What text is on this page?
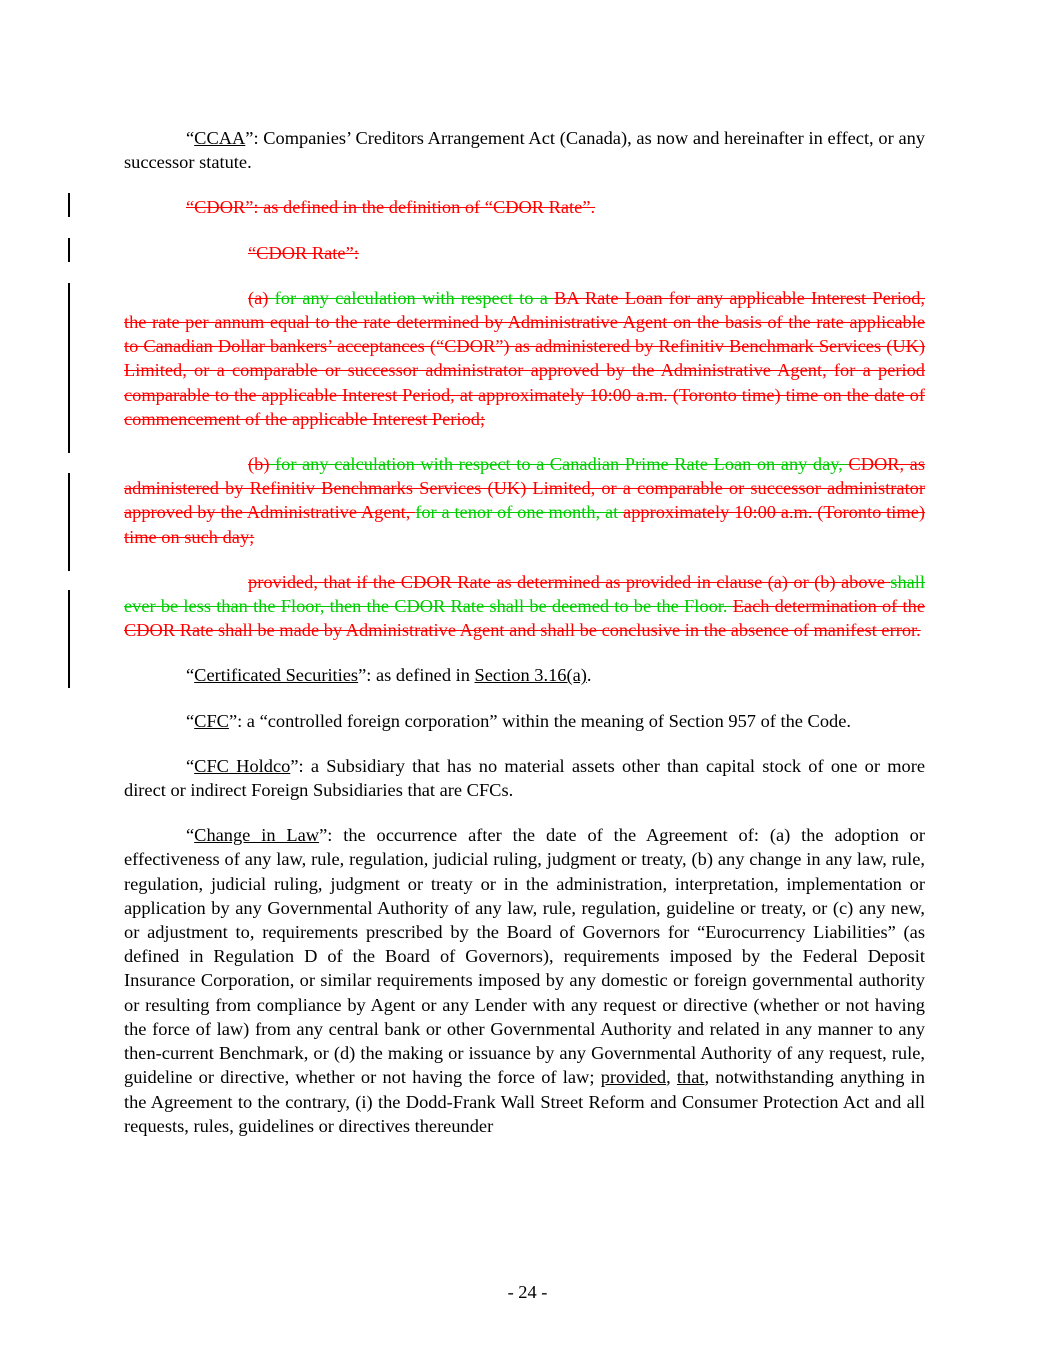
“CCAA”: Companies’ Creditors Arrangement Act (Canada), as now and hereinafter in effect, or any successor statute.

“CDOR”: as defined in the definition of “CDOR Rate”.

“CDOR Rate”:

(a) for any calculation with respect to a BA Rate Loan for any applicable Interest Period, the rate per annum equal to the rate determined by Administrative Agent on the basis of the rate applicable to Canadian Dollar bankers’ acceptances (“CDOR”) as administered by Refinitiv Benchmark Services (UK) Limited, or a comparable or successor administrator approved by the Administrative Agent, for a period comparable to the applicable Interest Period, at approximately 10:00 a.m. (Toronto time) time on the date of commencement of the applicable Interest Period;

(b) for any calculation with respect to a Canadian Prime Rate Loan on any day, CDOR, as administered by Refinitiv Benchmarks Services (UK) Limited, or a comparable or successor administrator approved by the Administrative Agent, for a tenor of one month, at approximately 10:00 a.m. (Toronto time) time on such day;

provided, that if the CDOR Rate as determined as provided in clause (a) or (b) above shall ever be less than the Floor, then the CDOR Rate shall be deemed to be the Floor. Each determination of the CDOR Rate shall be made by Administrative Agent and shall be conclusive in the absence of manifest error.

“Certificated Securities”: as defined in Section 3.16(a).

“CFC”: a “controlled foreign corporation” within the meaning of Section 957 of the Code.

“CFC Holdco”: a Subsidiary that has no material assets other than capital stock of one or more direct or indirect Foreign Subsidiaries that are CFCs.

“Change in Law”: the occurrence after the date of the Agreement of: (a) the adoption or effectiveness of any law, rule, regulation, judicial ruling, judgment or treaty, (b) any change in any law, rule, regulation, judicial ruling, judgment or treaty or in the administration, interpretation, implementation or application by any Governmental Authority of any law, rule, regulation, guideline or treaty, or (c) any new, or adjustment to, requirements prescribed by the Board of Governors for “Eurocurrency Liabilities” (as defined in Regulation D of the Board of Governors), requirements imposed by the Federal Deposit Insurance Corporation, or similar requirements imposed by any domestic or foreign governmental authority or resulting from compliance by Agent or any Lender with any request or directive (whether or not having the force of law) from any central bank or other Governmental Authority and related in any manner to any then-current Benchmark, or (d) the making or issuance by any Governmental Authority of any request, rule, guideline or directive, whether or not having the force of law; provided, that, notwithstanding anything in the Agreement to the contrary, (i) the Dodd-Frank Wall Street Reform and Consumer Protection Act and all requests, rules, guidelines or directives thereunder

- 24 -
